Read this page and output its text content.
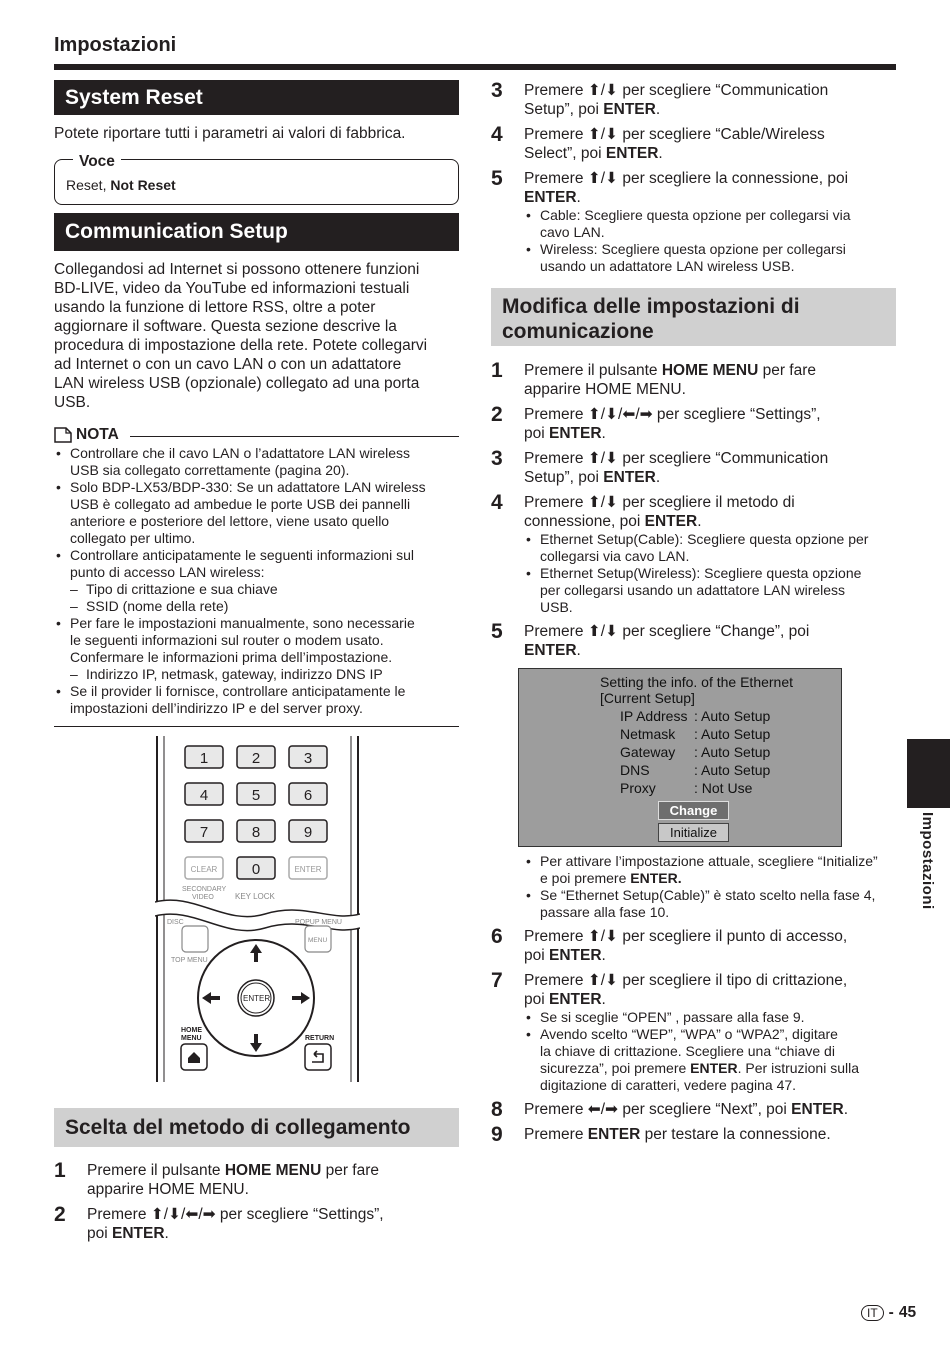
Impostazioni
System Reset
Potete riportare tutti i parametri ai valori di fabbrica.
Voce
Reset, Not Reset
Communication Setup
Collegandosi ad Internet si possono ottenere funzioni
BD-LIVE, video da YouTube ed informazioni testuali
usando la funzione di lettore RSS, oltre a poter
aggiornare il software. Questa sezione descrive la
procedura di impostazione della rete. Potete collegarvi
ad Internet o con un cavo LAN o con un adattatore
LAN wireless USB (opzionale) collegato ad una porta
USB.
NOTA
• Controllare che il cavo LAN o l’adattatore LAN wireless
USB sia collegato correttamente (pagina 20).
• Solo BDP-LX53/BDP-330: Se un adattatore LAN wireless
USB è collegato ad ambedue le porte USB dei pannelli
anteriore e posteriore del lettore, viene usato quello
collegato per ultimo.
• Controllare anticipatamente le seguenti informazioni sul
punto di accesso LAN wireless:
– Tipo di crittazione e sua chiave
– SSID (nome della rete)
• Per fare le impostazioni manualmente, sono necessarie
le seguenti informazioni sul router o modem usato.
Confermare le informazioni prima dell’impostazione.
– Indirizzo IP, netmask, gateway, indirizzo DNS IP
• Se il provider li fornisce, controllare anticipatamente le
impostazioni dell’indirizzo IP e del server proxy.
1	2	3
4	5	6
7	8	9
CLEAR 0	ENTER
SECONDARY
VIDEO	KEY LOCK
DISC	POPUP MENU
TOP MENU
MENU
ENTER
HOME
MENU	RETURN
Scelta del metodo di collegamento
1	Premere il pulsante HOME MENU per fare
apparire HOME MENU.
2	Premere ⬆/⬇/⬅/➡ per scegliere “Settings”,
poi ENTER.
3	Premere ⬆/⬇ per scegliere “Communication
Setup”, poi ENTER.
4	Premere ⬆/⬇ per scegliere “Cable/Wireless
Select”, poi ENTER.
5	Premere ⬆/⬇ per scegliere la connessione, poi
ENTER.
• Cable: Scegliere questa opzione per collegarsi via
cavo LAN.
• Wireless: Scegliere questa opzione per collegarsi
usando un adattatore LAN wireless USB.
Modifica delle impostazioni di
comunicazione
1	Premere il pulsante HOME MENU per fare
apparire HOME MENU.
2	Premere ⬆/⬇/⬅/➡ per scegliere “Settings”,
poi ENTER.
3	Premere ⬆/⬇ per scegliere “Communication
Setup”, poi ENTER.
4	Premere ⬆/⬇ per scegliere il metodo di
connessione, poi ENTER.
• Ethernet Setup(Cable): Scegliere questa opzione per
collegarsi via cavo LAN.
• Ethernet Setup(Wireless): Scegliere questa opzione
per collegarsi usando un adattatore LAN wireless
USB.
5	Premere ⬆/⬇ per scegliere “Change”, poi
ENTER.
Setting the info. of the Ethernet
[Current Setup]
IP Address : Auto Setup
Netmask	: Auto Setup
Gateway	: Auto Setup
DNS	: Auto Setup
Proxy	: Not Use
Change
Initialize
• Per attivare l’impostazione attuale, scegliere “Initialize”
e poi premere ENTER.
• Se “Ethernet Setup(Cable)” è stato scelto nella fase 4,
passare alla fase 10.
6	Premere ⬆/⬇ per scegliere il punto di accesso,
poi ENTER.
7	Premere ⬆/⬇ per scegliere il tipo di crittazione,
poi ENTER.
• Se si sceglie “OPEN” , passare alla fase 9.
• Avendo scelto “WEP”, “WPA” o “WPA2”, digitare
la chiave di crittazione. Scegliere una “chiave di
sicurezza”, poi premere ENTER. Per istruzioni sulla
digitazione di caratteri, vedere pagina 47.
8	Premere ⬅/➡ per scegliere “Next”, poi ENTER.
9	Premere ENTER per testare la connessione.
Impostazioni
IT - 45
